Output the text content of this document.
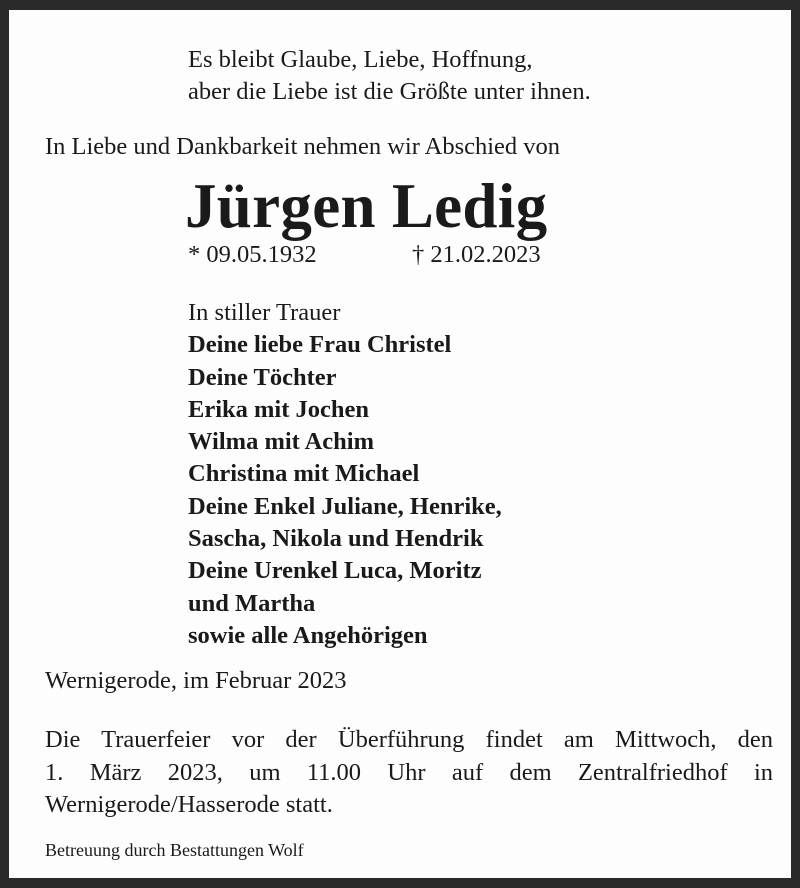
Es bleibt Glaube, Liebe, Hoffnung,
aber die Liebe ist die Größte unter ihnen.
In Liebe und Dankbarkeit nehmen wir Abschied von
Jürgen Ledig
* 09.05.1932	† 21.02.2023
In stiller Trauer
Deine liebe Frau Christel
Deine Töchter
Erika mit Jochen
Wilma mit Achim
Christina mit Michael
Deine Enkel Juliane, Henrike,
Sascha, Nikola und Hendrik
Deine Urenkel Luca, Moritz
und Martha
sowie alle Angehörigen
Wernigerode, im Februar 2023
Die Trauerfeier vor der Überführung findet am Mittwoch, den
1. März 2023, um 11.00 Uhr auf dem Zentralfriedhof in
Wernigerode/Hasserode statt.
Betreuung durch Bestattungen Wolf
